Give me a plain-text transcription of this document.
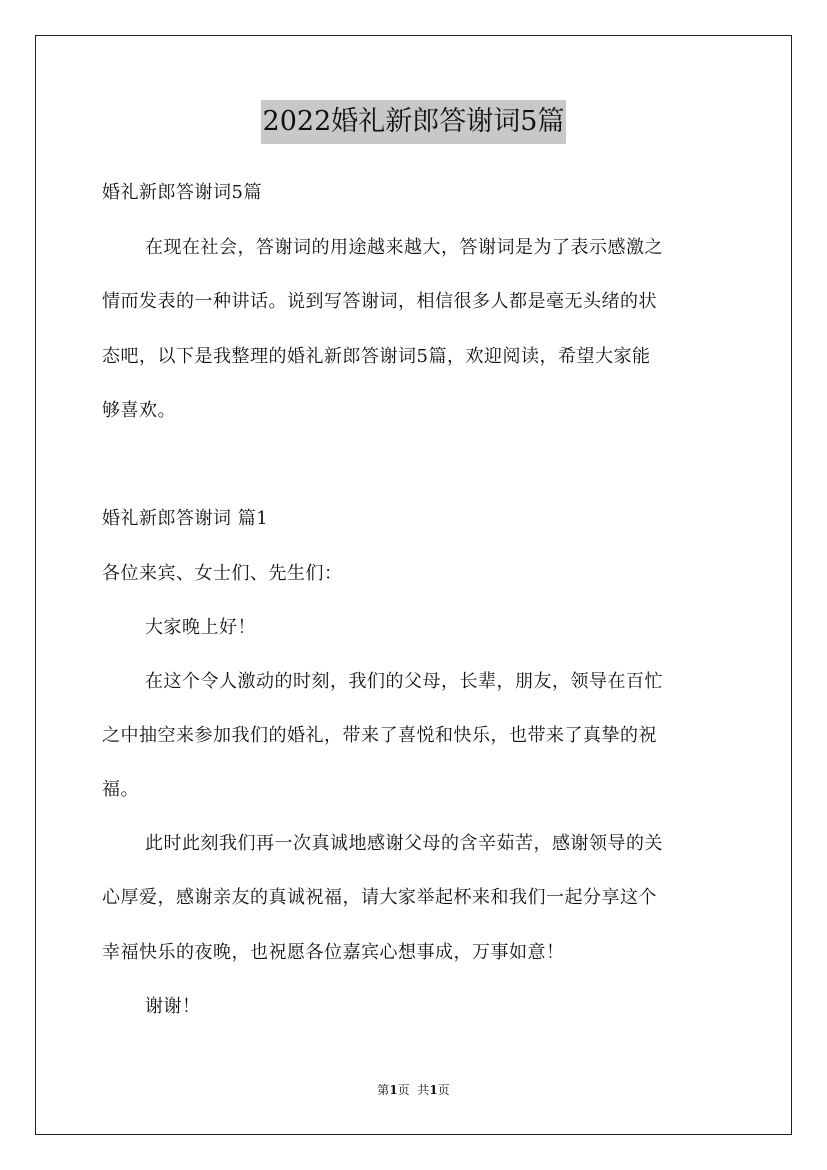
2022婚礼新郎答谢词5篇
婚礼新郎答谢词5篇
在现在社会，答谢词的用途越来越大，答谢词是为了表示感激之
情而发表的一种讲话。说到写答谢词，相信很多人都是毫无头绪的状
态吧，以下是我整理的婚礼新郎答谢词5篇，欢迎阅读，希望大家能
够喜欢。
婚礼新郎答谢词 篇1
各位来宾、女士们、先生们：
大家晚上好！
在这个令人激动的时刻，我们的父母，长辈，朋友，领导在百忙
之中抽空来参加我们的婚礼，带来了喜悦和快乐，也带来了真挚的祝
福。
此时此刻我们再一次真诚地感谢父母的含辛茹苦，感谢领导的关
心厚爱，感谢亲友的真诚祝福，请大家举起杯来和我们一起分享这个
幸福快乐的夜晚，也祝愿各位嘉宾心想事成，万事如意！
谢谢！
第1页  共1页
